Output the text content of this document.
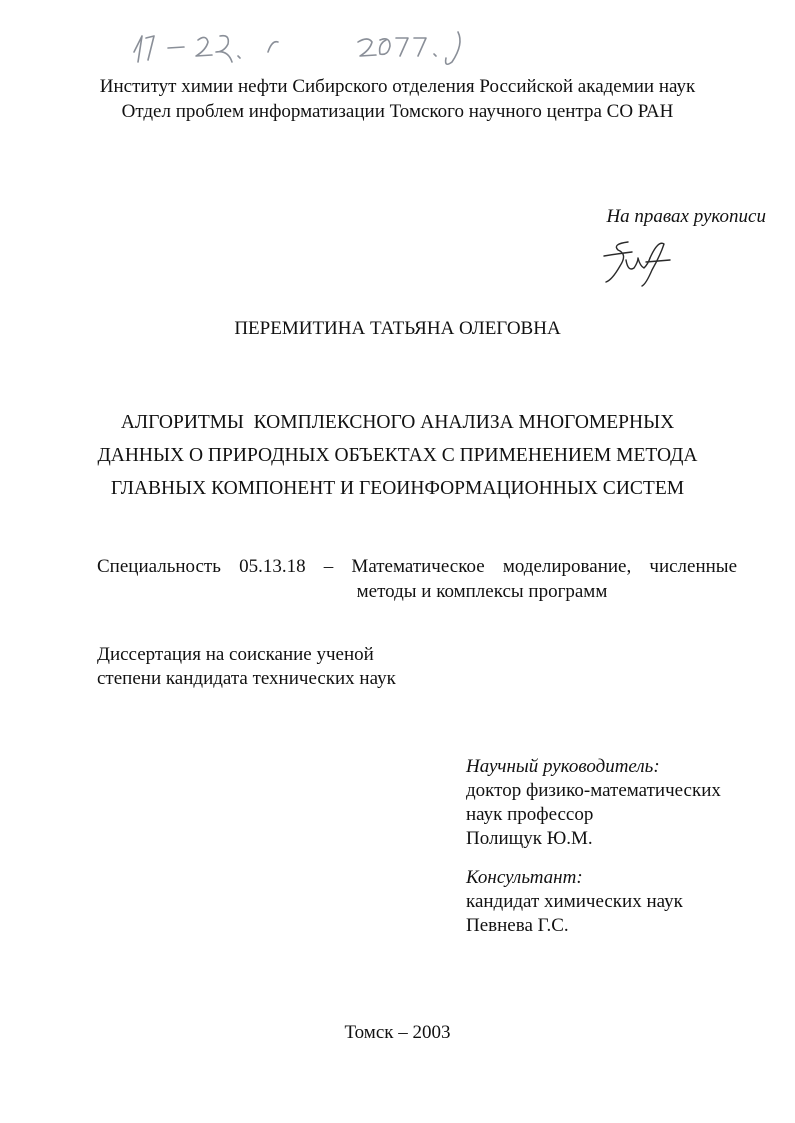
Институт химии нефти Сибирского отделения Российской академии наук
Отдел проблем информатизации Томского научного центра СО РАН
На правах рукописи
ПЕРЕМИТИНА ТАТЬЯНА ОЛЕГОВНА
АЛГОРИТМЫ  КОМПЛЕКСНОГО АНАЛИЗА МНОГОМЕРНЫХ
ДАННЫХ О ПРИРОДНЫХ ОБЪЕКТАХ С ПРИМЕНЕНИЕМ МЕТОДА
ГЛАВНЫХ КОМПОНЕНТ И ГЕОИНФОРМАЦИОННЫХ СИСТЕМ
Специальность 05.13.18 – Математическое моделирование, численные
методы и комплексы программ
Диссертация на соискание ученой
степени кандидата технических наук
Научный руководитель:
доктор физико-математических
наук профессор
Полищук Ю.М.
Консультант:
кандидат химических наук
Певнева Г.С.
Томск – 2003
